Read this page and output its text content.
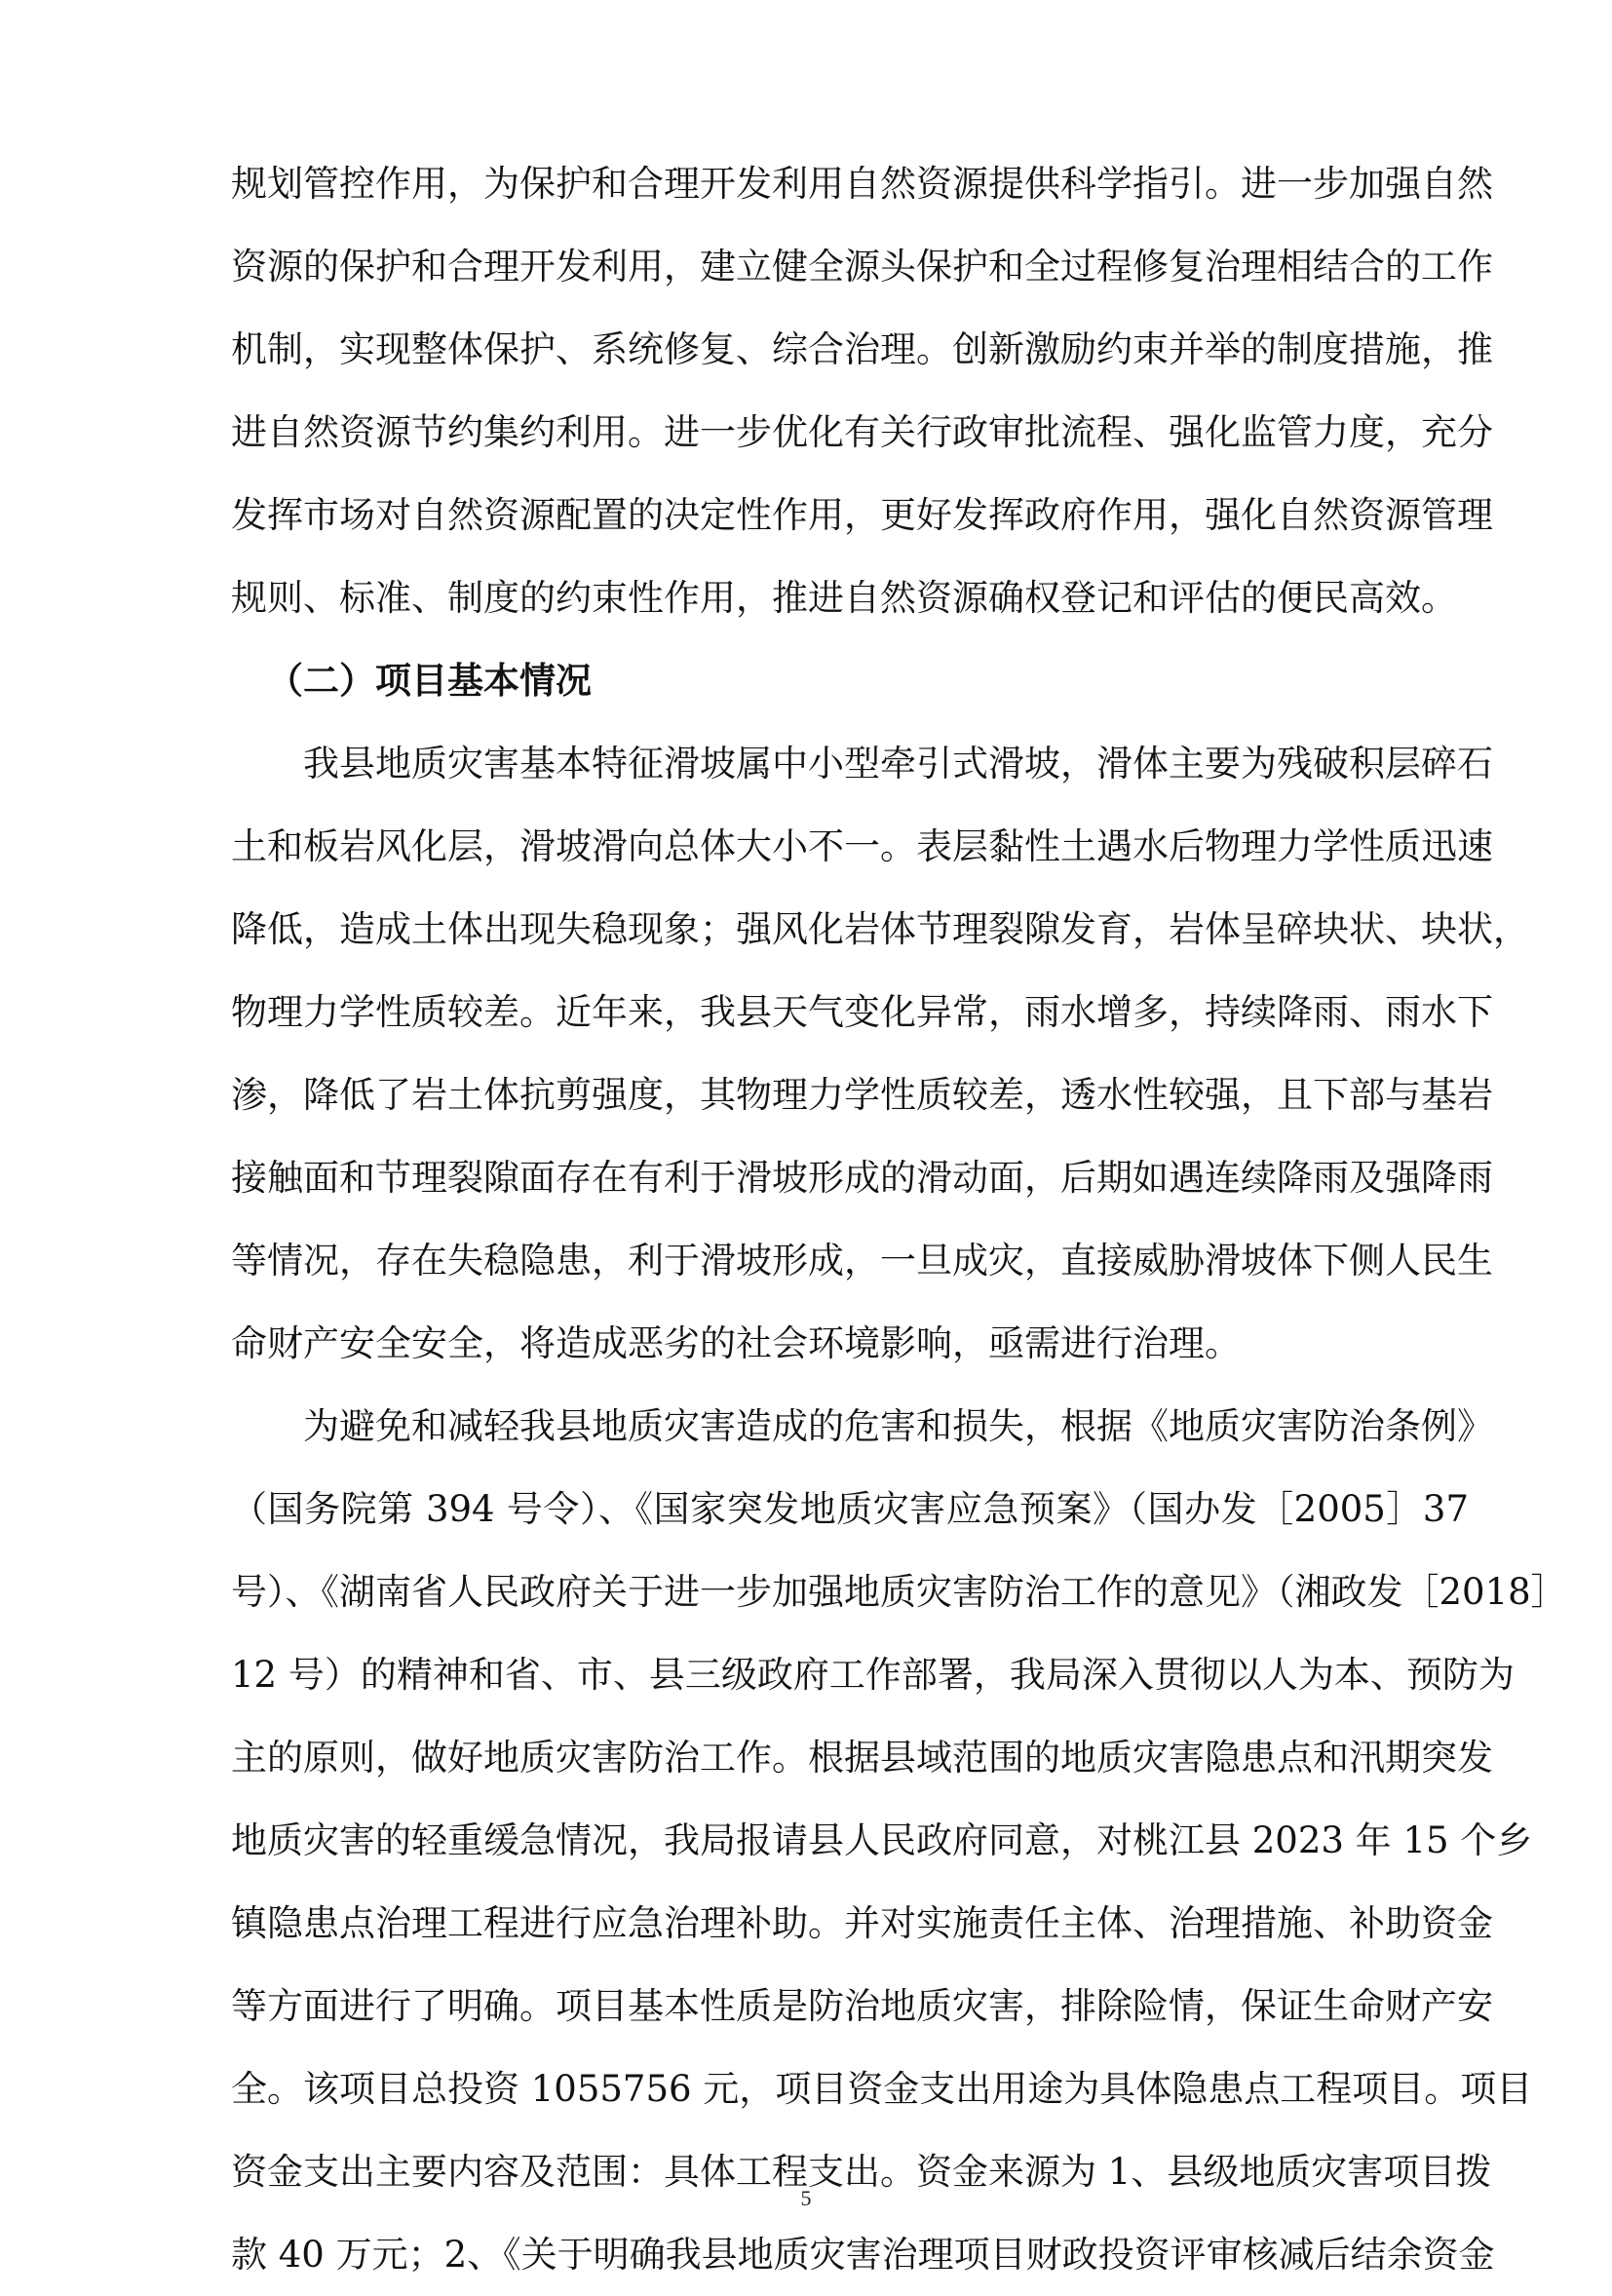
规划管控作用，为保护和合理开发利用自然资源提供科学指引。进一步加强自然
资源的保护和合理开发利用，建立健全源头保护和全过程修复治理相结合的工作
机制，实现整体保护、系统修复、综合治理。创新激励约束并举的制度措施，推
进自然资源节约集约利用。进一步优化有关行政审批流程、强化监管力度，充分
发挥市场对自然资源配置的决定性作用，更好发挥政府作用，强化自然资源管理
规则、标准、制度的约束性作用，推进自然资源确权登记和评估的便民高效。
（二）项目基本情况
我县地质灾害基本特征滑坡属中小型牵引式滑坡，滑体主要为残破积层碎石
土和板岩风化层，滑坡滑向总体大小不一。表层黏性土遇水后物理力学性质迅速
降低，造成土体出现失稳现象；强风化岩体节理裂隙发育，岩体呈碎块状、块状，
物理力学性质较差。近年来，我县天气变化异常，雨水增多，持续降雨、雨水下
渗，降低了岩土体抗剪强度，其物理力学性质较差，透水性较强，且下部与基岩
接触面和节理裂隙面存在有利于滑坡形成的滑动面，后期如遇连续降雨及强降雨
等情况，存在失稳隐患，利于滑坡形成，一旦成灾，直接威胁滑坡体下侧人民生
命财产安全安全，将造成恶劣的社会环境影响，亟需进行治理。
为避免和减轻我县地质灾害造成的危害和损失，根据《地质灾害防治条例》
（国务院第 394 号令）、《国家突发地质灾害应急预案》（国办发［2005］37
号）、《湖南省人民政府关于进一步加强地质灾害防治工作的意见》（湘政发［2018］
12 号）的精神和省、市、县三级政府工作部署，我局深入贯彻以人为本、预防为
主的原则，做好地质灾害防治工作。根据县域范围的地质灾害隐患点和汛期突发
地质灾害的轻重缓急情况，我局报请县人民政府同意，对桃江县 2023 年 15 个乡
镇隐患点治理工程进行应急治理补助。并对实施责任主体、治理措施、补助资金
等方面进行了明确。项目基本性质是防治地质灾害，排除险情，保证生命财产安
全。该项目总投资 1055756 元，项目资金支出用途为具体隐患点工程项目。项目
资金支出主要内容及范围：具体工程支出。资金来源为 1、县级地质灾害项目拨
款 40 万元；2、《关于明确我县地质灾害治理项目财政投资评审核减后结余资金
5
